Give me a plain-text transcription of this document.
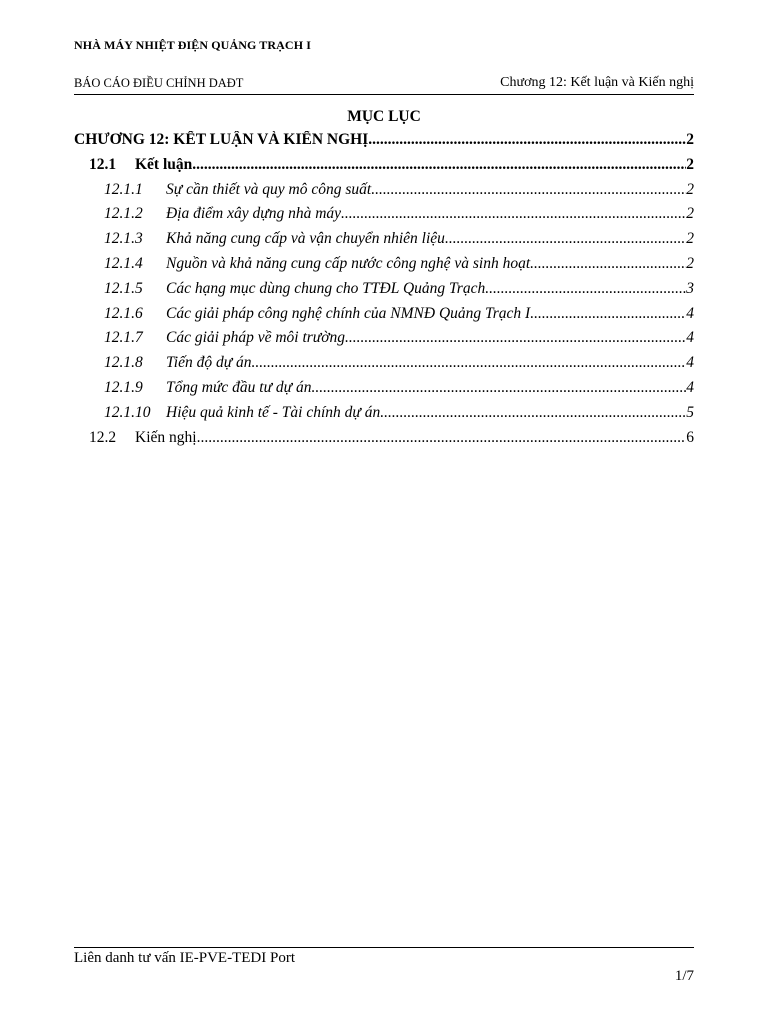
NHÀ MÁY NHIỆT ĐIỆN QUẢNG TRẠCH I
BÁO CÁO ĐIỀU CHỈNH DAĐT	Chương 12: Kết luận và Kiến nghị
MỤC LỤC
CHƯƠNG 12: KẾT LUẬN VÀ KIẾN NGHỊ .....	2
12.1	Kết luận .....	2
12.1.1	Sự cần thiết và quy mô công suất .....	2
12.1.2	Địa điểm xây dựng nhà máy .....	2
12.1.3	Khả năng cung cấp và vận chuyển nhiên liệu .....	2
12.1.4	Nguồn và khả năng cung cấp nước công nghệ và sinh hoạt .....	2
12.1.5	Các hạng mục dùng chung cho TTĐL Quảng Trạch .....	3
12.1.6	Các giải pháp công nghệ chính của NMNĐ Quảng Trạch I .....	4
12.1.7	Các giải pháp về môi trường .....	4
12.1.8	Tiến độ dự án .....	4
12.1.9	Tổng mức đầu tư dự án .....	4
12.1.10	Hiệu quả kinh tế - Tài chính dự án .....	5
12.2	Kiến nghị .....	6
Liên danh tư vấn IE-PVE-TEDI Port
1/7
